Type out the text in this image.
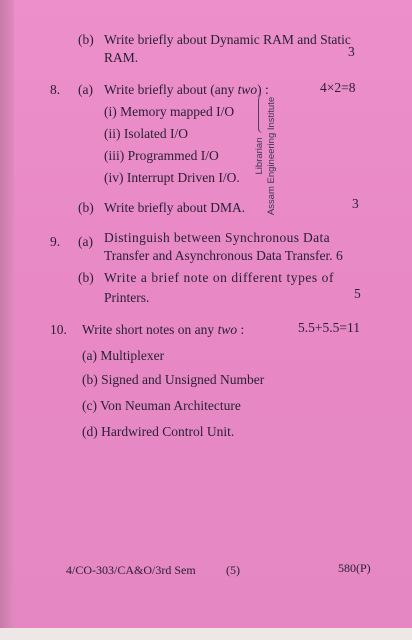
(b) Write briefly about Dynamic RAM and Static
RAM.	3
8. (a) Write briefly about (any two) :	4×2=8
(i) Memory mapped I/O
(ii) Isolated I/O
(iii) Programmed I/O
(iv) Interrupt Driven I/O.
(b) Write briefly about DMA.	3
Librarian Assam Engineering Institute
9. (a) Distinguish between Synchronous Data
Transfer and Asynchronous Data Transfer. 6
(b) Write a brief note on different types of
Printers.	5
10. Write short notes on any two :	5.5+5.5=11
(a) Multiplexer
(b) Signed and Unsigned Number
(c) Von Neuman Architecture
(d) Hardwired Control Unit.
4/CO-303/CA&O/3rd Sem	(5)	580(P)
